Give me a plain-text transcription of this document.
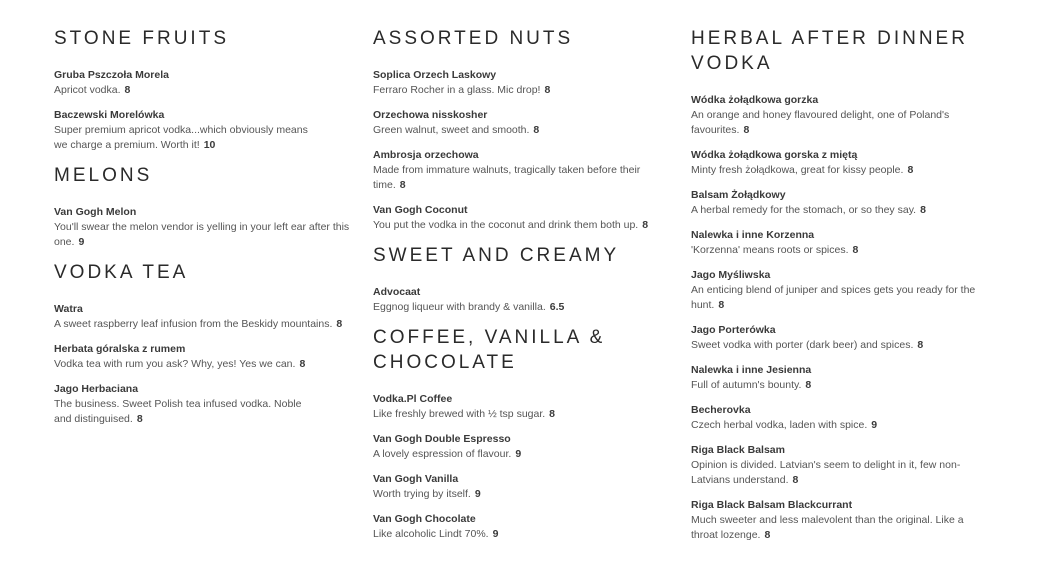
STONE FRUITS
Gruba Pszczoła Morela
Apricot vodka. 8
Baczewski Morelówka
Super premium apricot vodka...which obviously means we charge a premium. Worth it! 10
MELONS
Van Gogh Melon
You'll swear the melon vendor is yelling in your left ear after this one. 9
VODKA TEA
Watra
A sweet raspberry leaf infusion from the Beskidy mountains. 8
Herbata góralska z rumem
Vodka tea with rum you ask? Why, yes! Yes we can. 8
Jago Herbaciana
The business. Sweet Polish tea infused vodka. Noble and distinguised. 8
ASSORTED NUTS
Soplica Orzech Laskowy
Ferraro Rocher in a glass. Mic drop! 8
Orzechowa nisskosher
Green walnut, sweet and smooth. 8
Ambrosja orzechowa
Made from immature walnuts, tragically taken before their time. 8
Van Gogh Coconut
You put the vodka in the coconut and drink them both up. 8
SWEET AND CREAMY
Advocaat
Eggnog liqueur with brandy & vanilla. 6.5
COFFEE, VANILLA & CHOCOLATE
Vodka.Pl Coffee
Like freshly brewed with ½ tsp sugar. 8
Van Gogh Double Espresso
A lovely espression of flavour. 9
Van Gogh Vanilla
Worth trying by itself. 9
Van Gogh Chocolate
Like alcoholic Lindt 70%. 9
HERBAL AFTER DINNER VODKA
Wódka żołądkowa gorzka
An orange and honey flavoured delight, one of Poland's favourites. 8
Wódka żołądkowa gorska z miętą
Minty fresh żołądkowa, great for kissy people. 8
Balsam Żołądkowy
A herbal remedy for the stomach, or so they say. 8
Nalewka i inne Korzenna
'Korzenna' means roots or spices. 8
Jago Myśliwska
An enticing blend of juniper and spices gets you ready for the hunt. 8
Jago Porterówka
Sweet vodka with porter (dark beer) and spices. 8
Nalewka i inne Jesienna
Full of autumn's bounty. 8
Becherovka
Czech herbal vodka, laden with spice. 9
Riga Black Balsam
Opinion is divided. Latvian's seem to delight in it, few non-Latvians understand. 8
Riga Black Balsam Blackcurrant
Much sweeter and less malevolent than the original. Like a throat lozenge. 8
